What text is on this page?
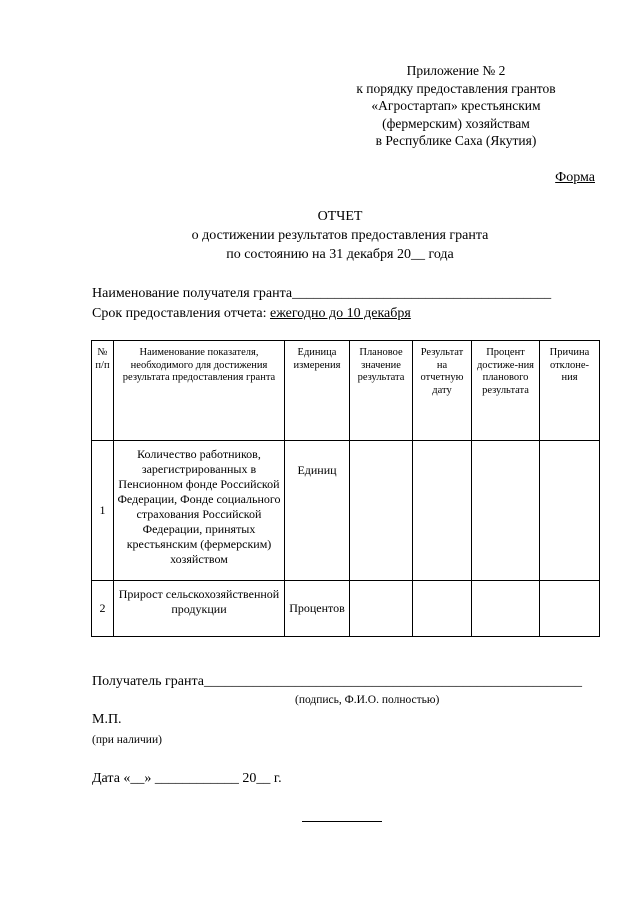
Приложение № 2
к порядку предоставления грантов
«Агростартап» крестьянским
(фермерским) хозяйствам
в Республике Саха (Якутия)
Форма
ОТЧЕТ
о достижении результатов предоставления гранта
по состоянию на 31 декабря 20__ года
Наименование получателя гранта_____________________________________
Срок предоставления отчета: ежегодно до 10 декабря
№ п/п	Наименование показателя, необходимого для достижения результата предоставления гранта	Единица измерения	Плановое значение результата	Результат на отчетную дату	Процент достиже-ния планового результата	Причина отклоне-ния
1	Количество работников, зарегистрированных в Пенсионном фонде Российской Федерации, Фонде социального страхования Российской Федерации, принятых крестьянским (фермерским) хозяйством	Единиц				
2	Прирост сельскохозяйственной продукции	Процентов				
Получатель гранта______________________________________________________
(подпись, Ф.И.О. полностью)
М.П.
(при наличии)
Дата «__» ____________ 20__ г.
